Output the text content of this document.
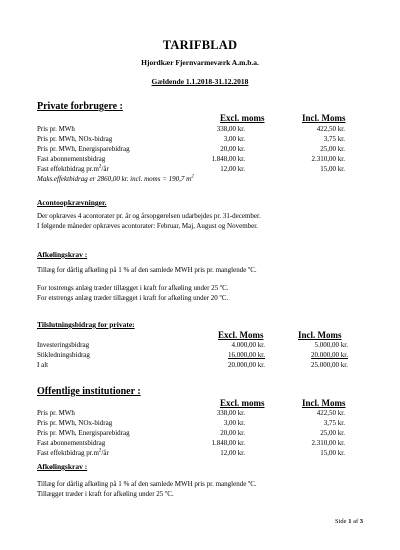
TARIFBLAD
Hjordkær Fjernvarmeværk A.m.b.a.
Gældende 1.1.2018-31.12.2018
Private forbrugere :
Excl. moms	Incl. Moms
Pris pr. MWh	338,00 kr.	422,50 kr.
Pris pr. MWh, NOx-bidrag	3,00 kr.	3,75 kr.
Pris pr. MWh, Energisparebidrag	20,00 kr.	25,00 kr.
Fast abonnementsbidrag	1.848,00 kr.	2.310,00 kr.
Fast effektbidrag $pr.m^2/år$	12,00 kr.	15,00 kr.
Maks.effektbidrag er 2860,00 kr. incl. moms = 190,7 $m^2$
Acontoopkrævninger.
Der opkræves 4 acontorater pr. år og årsopgørelsen udarbejdes pr. 31-december.
I følgende måneder opkræves acontorater: Februar, Maj, August og November.
Afkølingskrav :
Tillæg for dårlig afkøling på 1 % af den samlede MWH pris pr. manglende ºC.
For tostrengs anlæg træder tillægget i kraft for afkøling under 25 ºC.
For etstrengs anlæg træder tillægget i kraft for afkøling under 20 ºC.
Tilslutningsbidrag for private:
Excl. Moms	Incl. Moms
Investeringsbidrag	4.000,00 kr.	5.000,00 kr.
Stikledningsbidrag	16.000,00 kr.	20.000,00 kr.
I alt	20.000,00 kr.	25.000,00 kr.
Offentlige institutioner :
Excl. moms	Incl. Moms
Pris pr. MWh	338,00 kr.	422,50 kr.
Pris pr. MWh, NOx-bidrag	3,00 kr.	3,75 kr.
Pris pr. MWh, Energisparebidrag	20,00 kr.	25,00 kr.
Fast abonnementsbidrag	1.848,00 kr.	2.310,00 kr.
Fast effektbidrag $pr.m^2/år$	12,00 kr.	15,00 kr.
Afkølingskrav :
Tillæg for dårlig afkøling på 1 % af den samlede MWH pris pr. manglende ºC.
Tillægget træder i kraft for afkøling under 25 ºC.
Side 1 af 3
